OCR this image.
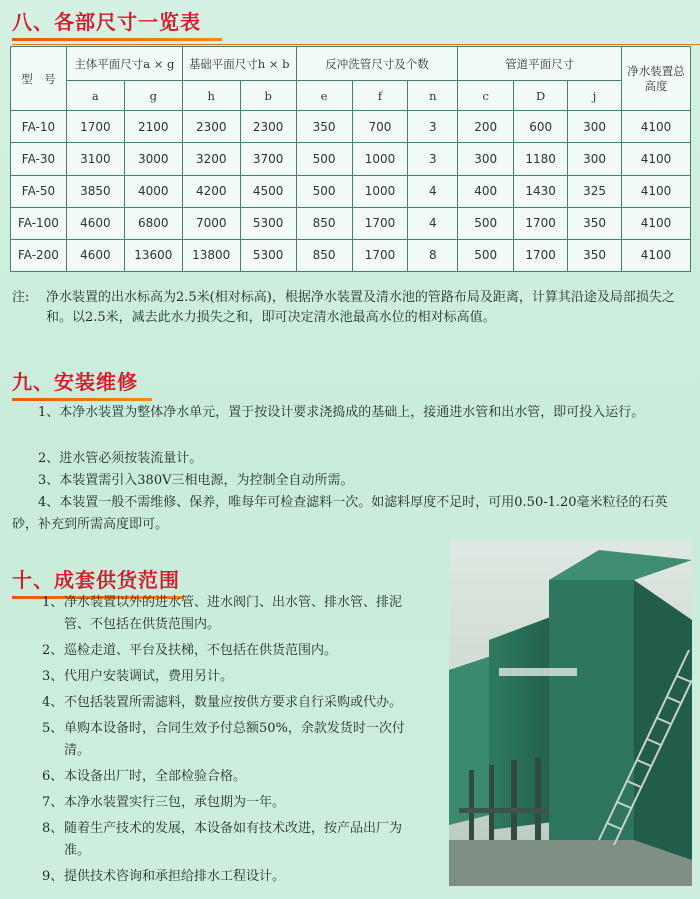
八、各部尺寸一览表
型　号	主体平面尺寸a × g		基础平面尺寸h × b		反冲洗管尺寸及个数			管道平面尺寸			净水装置总高度
	a	g	h	b	e	f	n	c	D	j	
FA-10	1700	2100	2300	2300	350	700	3	200	600	300	4100
FA-30	3100	3000	3200	3700	500	1000	3	300	1180	300	4100
FA-50	3850	4000	4200	4500	500	1000	4	400	1430	325	4100
FA-100	4600	6800	7000	5300	850	1700	4	500	1700	350	4100
FA-200	4600	13600	13800	5300	850	1700	8	500	1700	350	4100
注: 净水装置的出水标高为2.5米(相对标高)，根据净水装置及清水池的管路布局及距离，计算其沿途及局部损失之和。以2.5米，减去此水力损失之和，即可决定清水池最高水位的相对标高值。
九、安装维修
1、本净水装置为整体净水单元，置于按设计要求浇捣成的基础上，接通进水管和出水管，即可投入运行。
2、进水管必须按装流量计。
3、本装置需引入380V三相电源，为控制全自动所需。
4、本装置一般不需维修、保养，唯每年可检查滤料一次。如滤料厚度不足时，可用0.50-1.20毫米粒径的石英砂，补充到所需高度即可。
十、成套供货范围
1、 净水装置以外的进水管、进水阀门、出水管、排水管、排泥管、不包括在供货范围内。
2、 巡检走道、平台及扶梯，不包括在供货范围内。
3、 代用户安装调试，费用另计。
4、 不包括装置所需滤料，数量应按供方要求自行采购或代办。
5、 单购本设备时，合同生效予付总额50%，余款发货时一次付清。
6、 本设备出厂时，全部检验合格。
7、 本净水装置实行三包，承包期为一年。
8、 随着生产技术的发展，本设备如有技术改进，按产品出厂为准。
9、 提供技术咨询和承担给排水工程设计。
